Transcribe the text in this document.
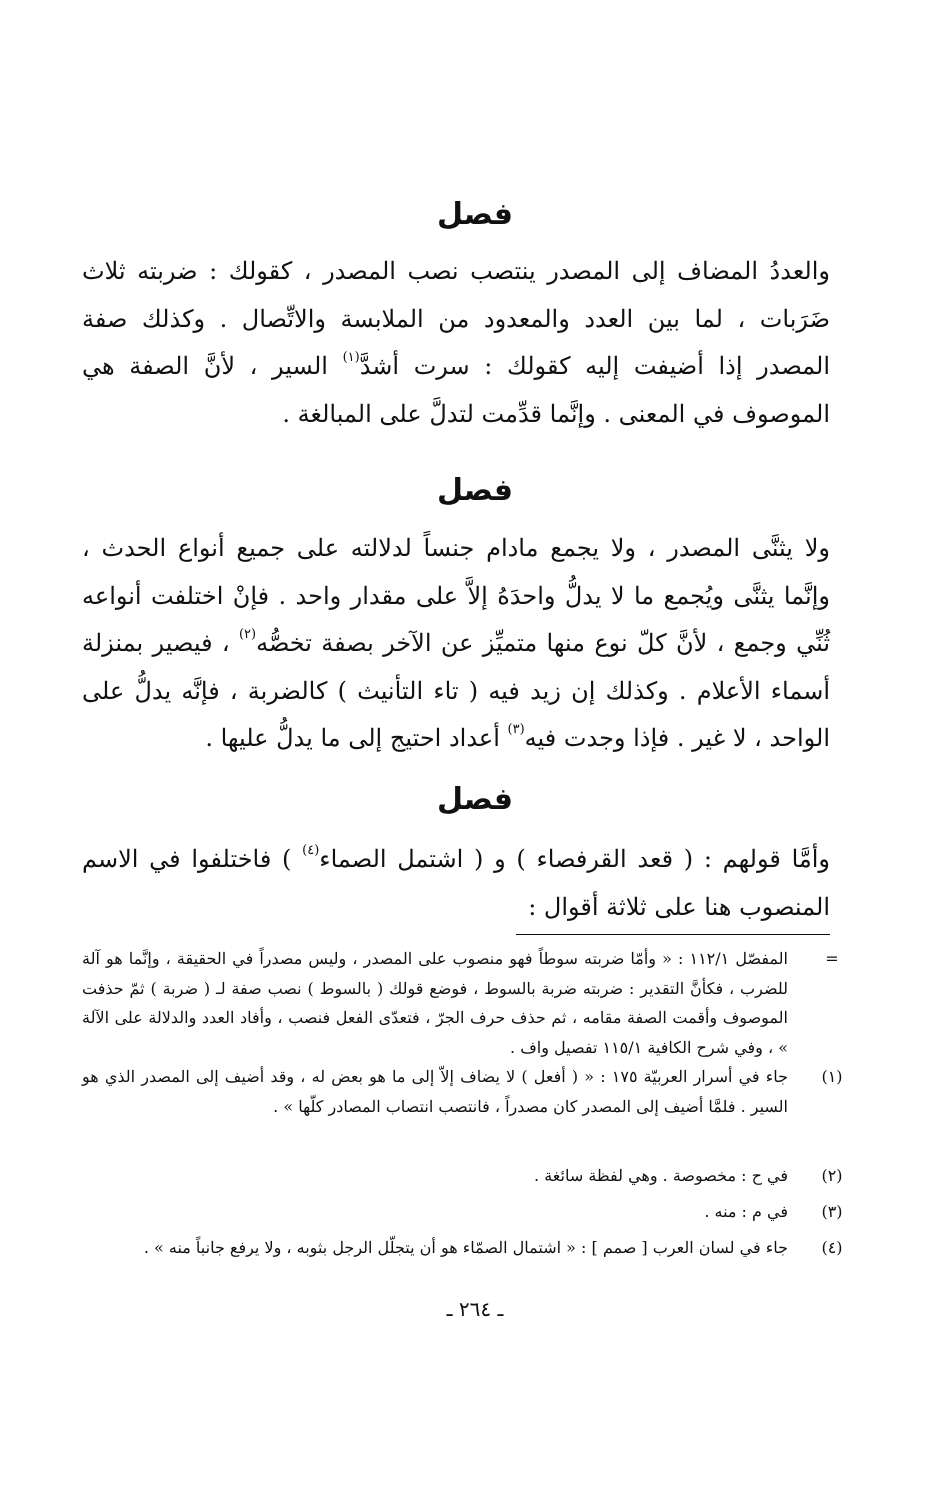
فصل

والعددُ المضاف إلى المصدر ينتصب نصب المصدر ، كقولك : ضربته ثلاث ضَرَبات ، لما بين العدد والمعدود من الملابسة والاتِّصال . وكذلك صفة المصدر إذا أضيفت إليه كقولك : سرت أشدَّ$^{(١)}$ السير ، لأنَّ الصفة هي الموصوف في المعنى . وإنَّما قدِّمت لتدلَّ على المبالغة .

فصل

ولا يثنَّى المصدر ، ولا يجمع مادام جنساً لدلالته على جميع أنواع الحدث ، وإنَّما يثنَّى ويُجمع ما لا يدلُّ واحدَهُ إلاَّ على مقدار واحد . فإنْ اختلفت أنواعه ثُنِّي وجمع ، لأنَّ كلّ نوع منها متميِّز عن الآخر بصفة تخصُّه$^{(٢)}$ ، فيصير بمنزلة أسماء الأعلام . وكذلك إن زيد فيه ( تاء التأنيث ) كالضربة ، فإنَّه يدلُّ على الواحد ، لا غير . فإذا وجدت فيه$^{(٣)}$ أعداد احتيج إلى ما يدلُّ عليها .

فصل

وأمَّا قولهم : ( قعد القرفصاء ) و ( اشتمل الصماء$^{(٤)}$ ) فاختلفوا في الاسم المنصوب هنا على ثلاثة أقوال :

=
المفصّل ١١٢/١ : « وأمّا ضربته سوطاً فهو منصوب على المصدر ، وليس مصدراً في الحقيقة ، وإنَّما هو آلة للضرب ، فكأنَّ التقدير : ضربته ضربة بالسوط ، فوضع قولك ( بالسوط ) نصب صفة لـ ( ضربة ) ثمّ حذفت الموصوف وأقمت الصفة مقامه ، ثم حذف حرف الجرّ ، فتعدّى الفعل فنصب ، وأفاد العدد والدلالة على الآلة » ، وفي شرح الكافية ١١٥/١ تفصيل واف .
(١)
جاء في أسرار العربيّة ١٧٥ : « ( أفعل ) لا يضاف إلاّ إلى ما هو بعض له ، وقد أضيف إلى المصدر الذي هو السير . فلمَّا أضيف إلى المصدر كان مصدراً ، فانتصب انتصاب المصادر كلّها » .
(٢)
في ح : مخصوصة . وهي لفظة سائغة .
(٣)
في م : منه .
(٤)
جاء في لسان العرب [ صمم ] : « اشتمال الصمّاء هو أن يتجلّل الرجل بثوبه ، ولا يرفع جانباً منه » .
ـ ٢٦٤ ـ
